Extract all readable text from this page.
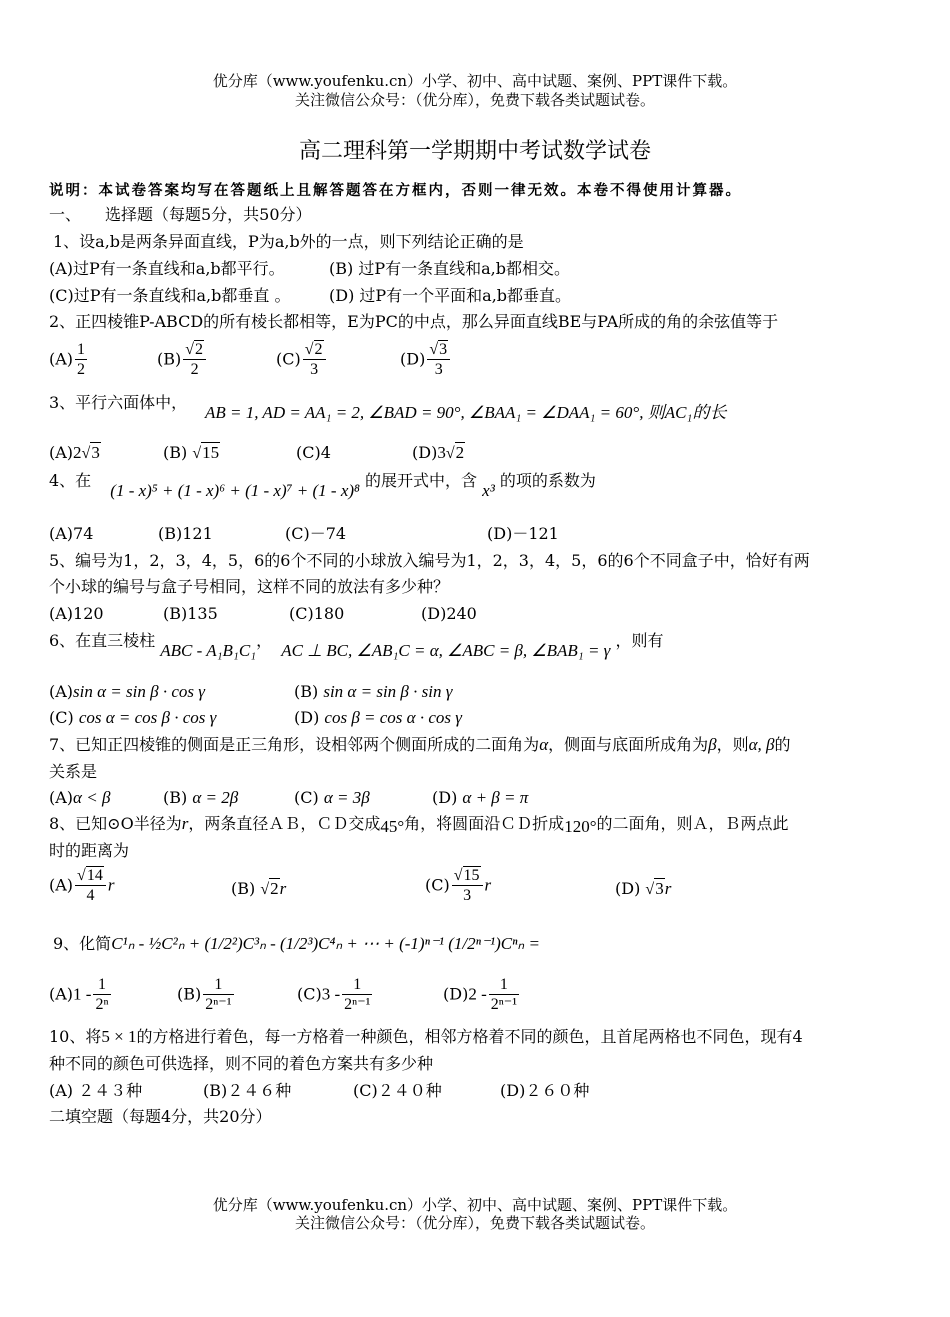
优分库（www.youfenku.cn）小学、初中、高中试题、案例、PPT课件下载。
关注微信公众号：（优分库），免费下载各类试题试卷。
高二理科第一学期期中考试数学试卷
说明：本试卷答案均写在答题纸上且解答题答在方框内，否则一律无效。本卷不得使用计算器。
一、　　选择题（每题5分，共50分）
1、设a,b是两条异面直线，P为a,b外的一点，则下列结论正确的是
(A)过P有一条直线和a,b都平行。	(B) 过P有一条直线和a,b都相交。
(C)过P有一条直线和a,b都垂直 。 (D) 过P有一个平面和a,b都垂直。
2、正四棱锥P-ABCD的所有棱长都相等，E为PC的中点，那么异面直线BE与PA所成的角的余弦值等于
$(A) \frac{1}{2}$	$(B) \frac{√2}{2}$	$(C) \frac{√2}{3}$	$(D) \frac{√3}{3}$
3、平行六面体中，
AB = 1, AD = AA₁ = 2, ∠BAD = 90°, ∠BAA₁ = ∠DAA₁ = 60°, 则AC₁的长
(A)2√3	(B) √15	(C)4	(D)3√2
4、在 (1 - x)⁵ + (1 - x)⁶ + (1 - x)⁷ + (1 - x)⁸ 的展开式中，含 x³ 的项的系数为
(A)74	(B)121	(C)－74	(D)－121
5、编号为1，2，3，4，5，6的6个不同的小球放入编号为1，2，3，4，5，6的6个不同盒子中，恰好有两
个小球的编号与盒子号相同，这样不同的放法有多少种？
(A)120	(B)135	(C)180	(D)240
6、在直三棱柱 ABC - A₁B₁C₁， AC ⊥ BC, ∠AB₁C = α, ∠ABC = β, ∠BAB₁ = γ ，则有
(A)sin α = sin β · cos γ	(B) sin α = sin β · sin γ
(C) cos α = cos β · cos γ	(D) cos β = cos α · cos γ
7、已知正四棱锥的侧面是正三角形，设相邻两个侧面所成的二面角为α，侧面与底面所成角为β，则α, β的
关系是
(A)α < β	(B) α = 2β	(C) α = 3β	(D) α + β = π
8、已知⊙O半径为r，两条直径ＡＢ，ＣＤ交成45°角，将圆面沿ＣＤ折成120°的二面角，则Ａ，Ｂ两点此
时的距离为
$(A) \frac{√14}{4}$ r	(B) √2r	$(C) \frac{√15}{3}$ r	(D) √3r
9、化简C¹ₙ - ½C²ₙ + (1/2²)C³ₙ - (1/2³)C⁴ₙ + ⋯ + (-1)ⁿ⁻¹ (1/2ⁿ⁻¹)Cⁿₙ =
$(A)1 - \frac{1}{\text{2ⁿ}}$	$(B) \frac{1}{\text{2ⁿ⁻¹}}$	$(C)3 - \frac{1}{\text{2ⁿ⁻¹}}$	$(D)2 - \frac{1}{\text{2ⁿ⁻¹}}$
10、将5 × 1的方格进行着色，每一方格着一种颜色，相邻方格着不同的颜色，且首尾两格也不同色，现有4
种不同的颜色可供选择，则不同的着色方案共有多少种
(A) ２４３种	(B)２４６种	(C)２４０种	(D)２６０种
二填空题（每题4分，共20分）
优分库（www.youfenku.cn）小学、初中、高中试题、案例、PPT课件下载。
关注微信公众号：（优分库），免费下载各类试题试卷。
